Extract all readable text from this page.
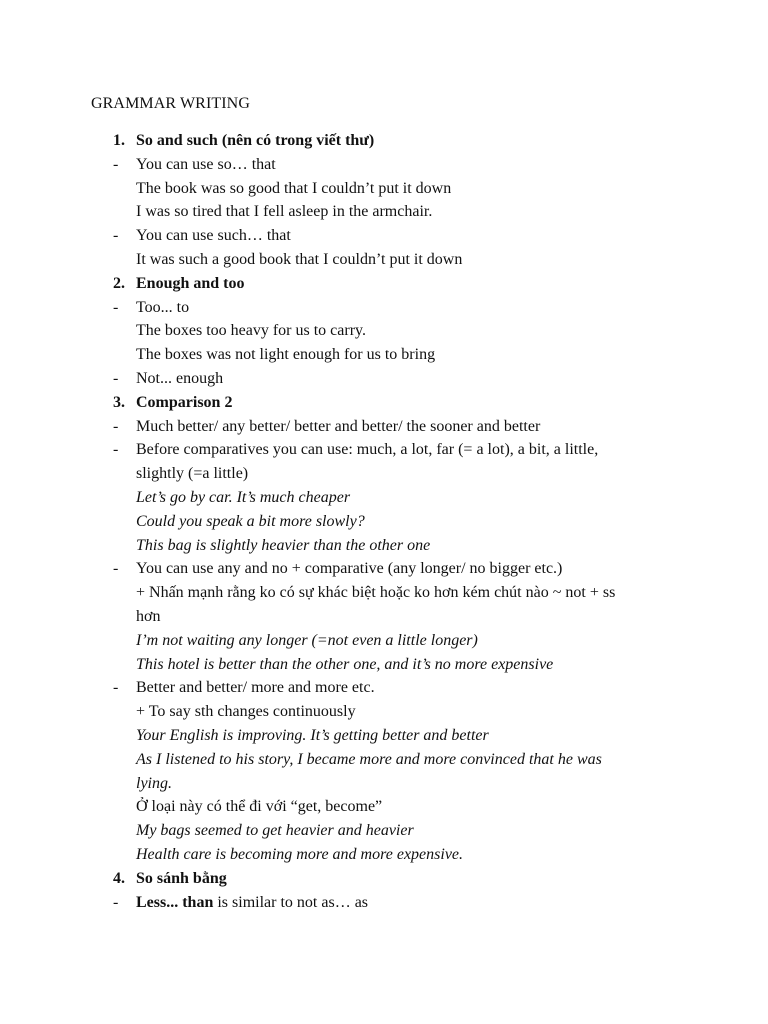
GRAMMAR WRITING
1. So and such (nên có trong viết thư)
- You can use so… that
The book was so good that I couldn’t put it down
I was so tired that I fell asleep in the armchair.
- You can use such… that
It was such a good book that I couldn’t put it down
2. Enough and too
- Too... to
The boxes too heavy for us to carry.
The boxes was not light enough for us to bring
- Not... enough
3. Comparison 2
- Much better/ any better/ better and better/ the sooner and better
- Before comparatives you can use: much, a lot, far (= a lot), a bit, a little,
slightly (=a little)
Let’s go by car. It’s much cheaper
Could you speak a bit more slowly?
This bag is slightly heavier than the other one
- You can use any and no + comparative (any longer/ no bigger etc.)
+ Nhấn mạnh rằng ko có sự khác biệt hoặc ko hơn kém chút nào ~ not + ss
hơn
I’m not waiting any longer (=not even a little longer)
This hotel is better than the other one, and it’s no more expensive
- Better and better/ more and more etc.
+ To say sth changes continuously
Your English is improving. It’s getting better and better
As I listened to his story, I became more and more convinced that he was
lying.
Ở loại này có thể đi với “get, become”
My bags seemed to get heavier and heavier
Health care is becoming more and more expensive.
4. So sánh bằng
- Less... than is similar to not as… as
